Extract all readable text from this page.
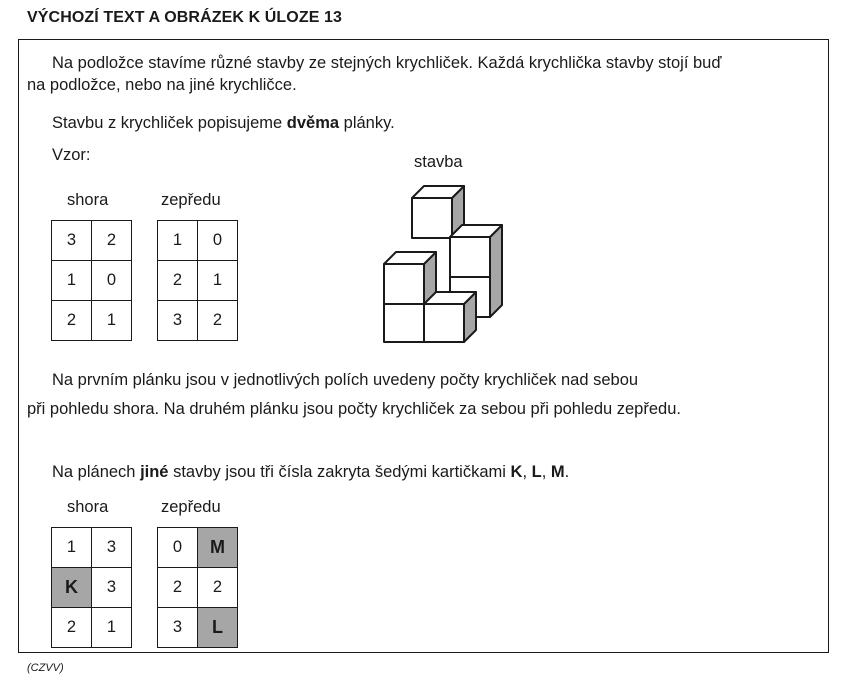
VÝCHOZÍ TEXT A OBRÁZEK K ÚLOZE 13
Na podložce stavíme různé stavby ze stejných krychliček. Každá krychlička stavby stojí buď
na podložce, nebo na jiné krychličce.
Stavbu z krychliček popisujeme dvěma plánky.
Vzor:	stavba
shora	zepředu
3	2
1	0
2	1
1	0
2	1
3	2
Na prvním plánku jsou v jednotlivých polích uvedeny počty krychliček nad sebou
při pohledu shora. Na druhém plánku jsou počty krychliček za sebou při pohledu zepředu.
Na plánech jiné stavby jsou tři čísla zakryta šedými kartičkami K, L, M.
shora	zepředu
1	3
K	3
2	1
0	M
2	2
3	L
(CZVV)
